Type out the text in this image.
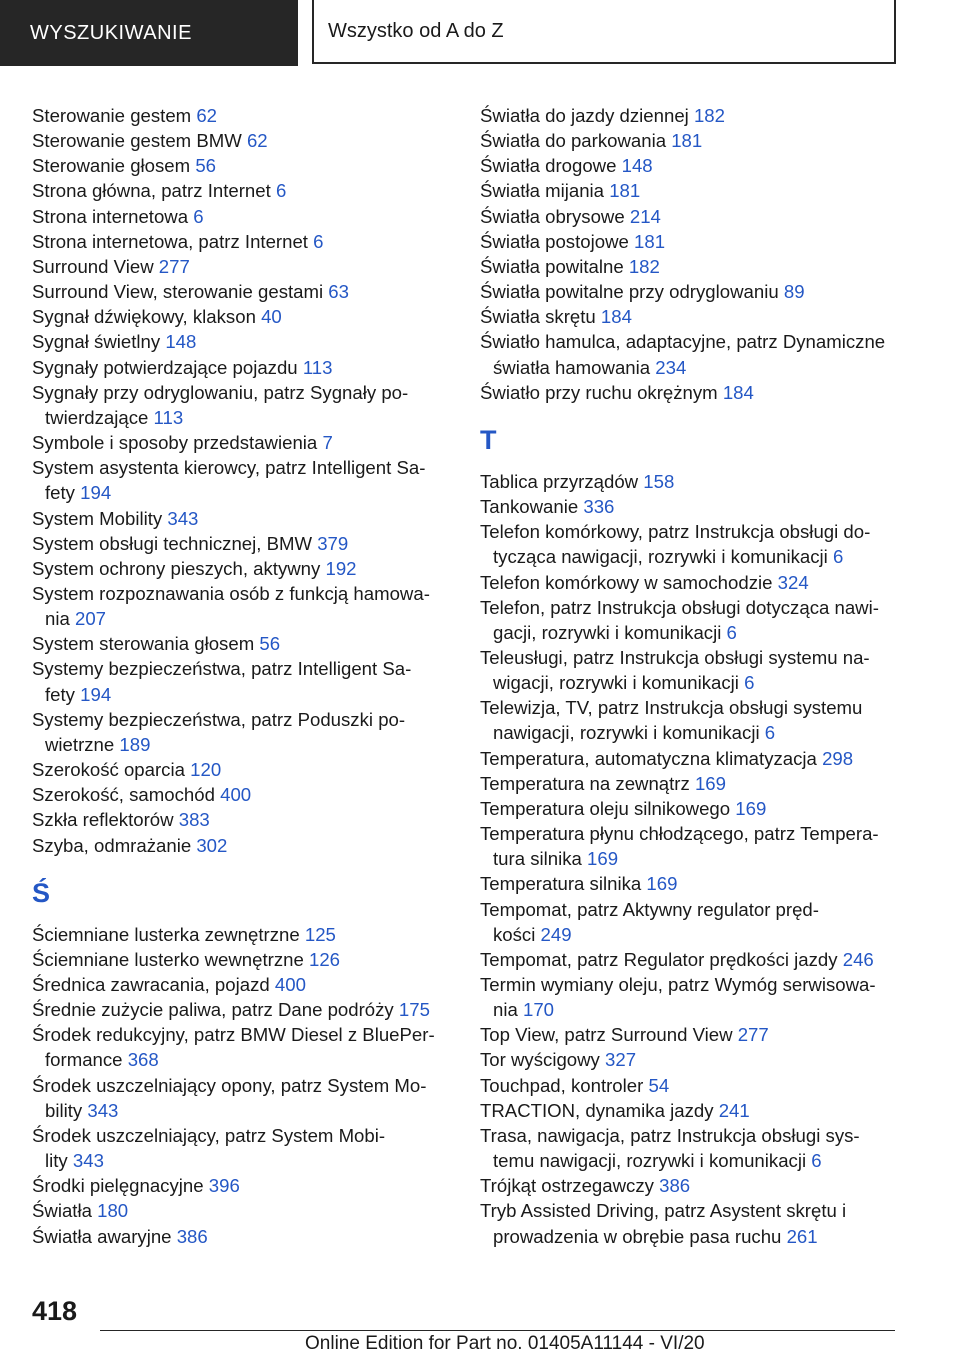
WYSZUKIWANIE	Wszystko od A do Z
Sterowanie gestem 62
Sterowanie gestem BMW 62
Sterowanie głosem 56
Strona główna, patrz Internet 6
Strona internetowa 6
Strona internetowa, patrz Internet 6
Surround View 277
Surround View, sterowanie gestami 63
Sygnał dźwiękowy, klakson 40
Sygnał świetlny 148
Sygnały potwierdzające pojazdu 113
Sygnały przy odryglowaniu, patrz Sygnały po-
twierdzające 113
Symbole i sposoby przedstawienia 7
System asystenta kierowcy, patrz Intelligent Sa-
fety 194
System Mobility 343
System obsługi technicznej, BMW 379
System ochrony pieszych, aktywny 192
System rozpoznawania osób z funkcją hamowa-
nia 207
System sterowania głosem 56
Systemy bezpieczeństwa, patrz Intelligent Sa-
fety 194
Systemy bezpieczeństwa, patrz Poduszki po-
wietrzne 189
Szerokość oparcia 120
Szerokość, samochód 400
Szkła reflektorów 383
Szyba, odmrażanie 302
Ś
Ściemniane lusterka zewnętrzne 125
Ściemniane lusterko wewnętrzne 126
Średnica zawracania, pojazd 400
Średnie zużycie paliwa, patrz Dane podróży 175
Środek redukcyjny, patrz BMW Diesel z BluePer-
formance 368
Środek uszczelniający opony, patrz System Mo-
bility 343
Środek uszczelniający, patrz System Mobi-
lity 343
Środki pielęgnacyjne 396
Światła 180
Światła awaryjne 386
Światła do jazdy dziennej 182
Światła do parkowania 181
Światła drogowe 148
Światła mijania 181
Światła obrysowe 214
Światła postojowe 181
Światła powitalne 182
Światła powitalne przy odryglowaniu 89
Światła skrętu 184
Światło hamulca, adaptacyjne, patrz Dynamiczne
światła hamowania 234
Światło przy ruchu okrężnym 184
T
Tablica przyrządów 158
Tankowanie 336
Telefon komórkowy, patrz Instrukcja obsługi do-
tycząca nawigacji, rozrywki i komunikacji 6
Telefon komórkowy w samochodzie 324
Telefon, patrz Instrukcja obsługi dotycząca nawi-
gacji, rozrywki i komunikacji 6
Teleusługi, patrz Instrukcja obsługi systemu na-
wigacji, rozrywki i komunikacji 6
Telewizja, TV, patrz Instrukcja obsługi systemu
nawigacji, rozrywki i komunikacji 6
Temperatura, automatyczna klimatyzacja 298
Temperatura na zewnątrz 169
Temperatura oleju silnikowego 169
Temperatura płynu chłodzącego, patrz Tempera-
tura silnika 169
Temperatura silnika 169
Tempomat, patrz Aktywny regulator pręd-
kości 249
Tempomat, patrz Regulator prędkości jazdy 246
Termin wymiany oleju, patrz Wymóg serwisowa-
nia 170
Top View, patrz Surround View 277
Tor wyścigowy 327
Touchpad, kontroler 54
TRACTION, dynamika jazdy 241
Trasa, nawigacja, patrz Instrukcja obsługi sys-
temu nawigacji, rozrywki i komunikacji 6
Trójkąt ostrzegawczy 386
Tryb Assisted Driving, patrz Asystent skrętu i
prowadzenia w obrębie pasa ruchu 261
418
Online Edition for Part no. 01405A11144 - VI/20
